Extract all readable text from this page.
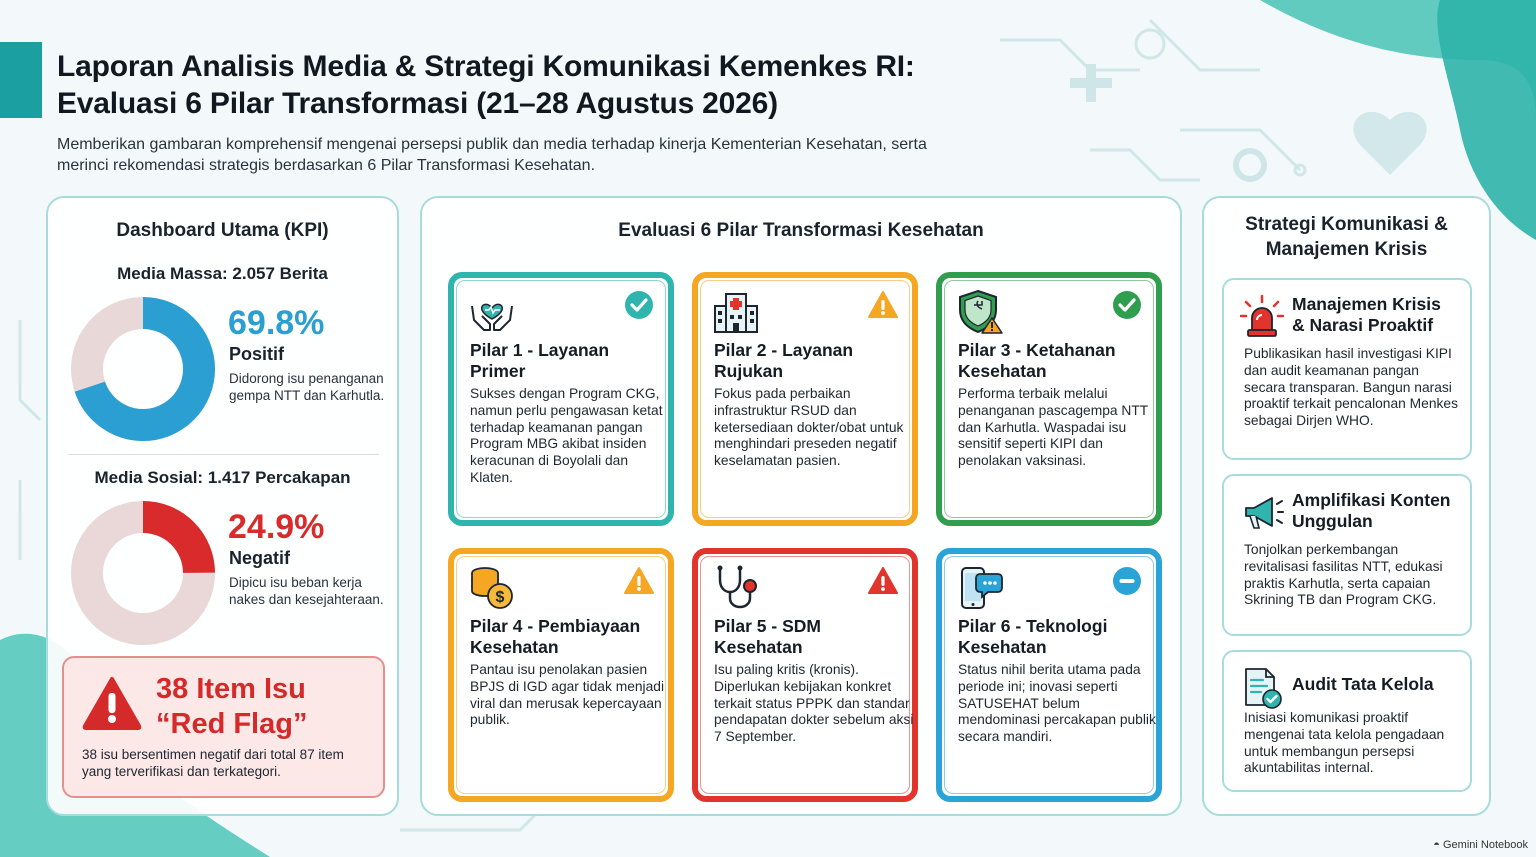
Laporan Analisis Media & Strategi Komunikasi Kemenkes RI:
Evaluasi 6 Pilar Transformasi (21–28 Agustus 2026)
Memberikan gambaran komprehensif mengenai persepsi publik dan media terhadap kinerja Kementerian Kesehatan, serta merinci rekomendasi strategis berdasarkan 6 Pilar Transformasi Kesehatan.
Dashboard Utama (KPI)
Media Massa: 2.057 Berita
69.8%
Positif
Didorong isu penanganan gempa NTT dan Karhutla.
Media Sosial: 1.417 Percakapan
24.9%
Negatif
Dipicu isu beban kerja nakes dan kesejahteraan.
38 Item Isu
“Red Flag”
38 isu bersentimen negatif dari total 87 item yang terverifikasi dan terkategori.
Evaluasi 6 Pilar Transformasi Kesehatan
Pilar 1 - Layanan
Primer
Sukses dengan Program CKG, namun perlu pengawasan ketat terhadap keamanan pangan Program MBG akibat insiden keracunan di Boyolali dan Klaten.
Pilar 2 - Layanan
Rujukan
Fokus pada perbaikan infrastruktur RSUD dan ketersediaan dokter/obat untuk menghindari preseden negatif keselamatan pasien.
Pilar 3 - Ketahanan
Kesehatan
Performa terbaik melalui penanganan pascagempa NTT dan Karhutla. Waspadai isu sensitif seperti KIPI dan penolakan vaksinasi.
$
Pilar 4 - Pembiayaan
Kesehatan
Pantau isu penolakan pasien BPJS di IGD agar tidak menjadi viral dan merusak kepercayaan publik.
Pilar 5 - SDM
Kesehatan
Isu paling kritis (kronis). Diperlukan kebijakan konkret terkait status PPPK dan standar pendapatan dokter sebelum aksi 7 September.
Pilar 6 - Teknologi
Kesehatan
Status nihil berita utama pada periode ini; inovasi seperti SATUSEHAT belum mendominasi percakapan publik secara mandiri.
Strategi Komunikasi &
Manajemen Krisis
Manajemen Krisis
& Narasi Proaktif
Publikasikan hasil investigasi KIPI dan audit keamanan pangan secara transparan. Bangun narasi proaktif terkait pencalonan Menkes sebagai Dirjen WHO.
Amplifikasi Konten
Unggulan
Tonjolkan perkembangan revitalisasi fasilitas NTT, edukasi praktis Karhutla, serta capaian Skrining TB dan Program CKG.
Audit Tata Kelola
Inisiasi komunikasi proaktif mengenai tata kelola pengadaan untuk membangun persepsi akuntabilitas internal.
◓ Gemini Notebook
